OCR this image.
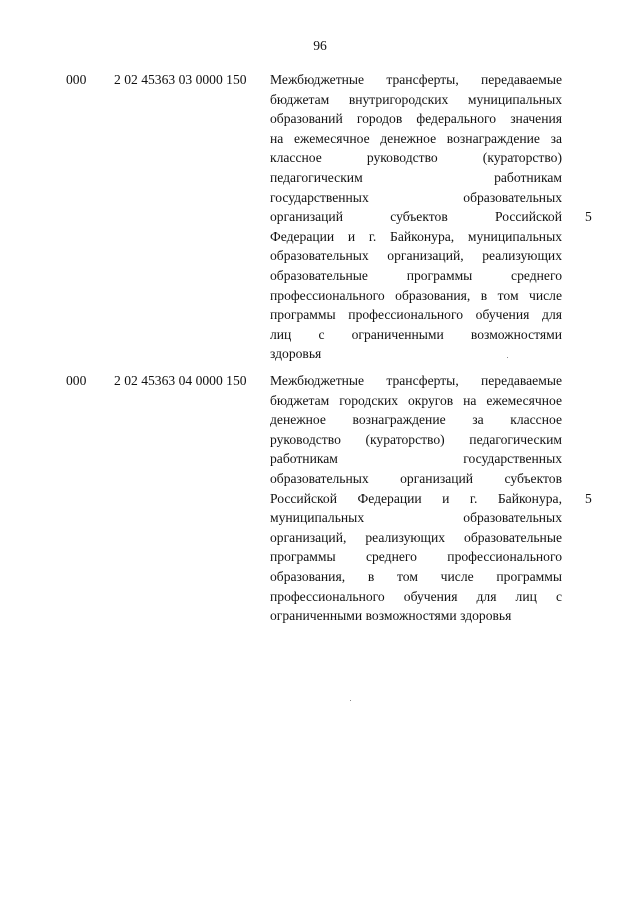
96
000 2 02 45363 03 0000 150 Межбюджетные трансферты, передаваемые
бюджетам внутригородских муниципальных
образований городов федерального значения
на ежемесячное денежное вознаграждение за
классное руководство (кураторство)
педагогическим работникам
государственных образовательных
организаций субъектов Российской
Федерации и г. Байконура, муниципальных
образовательных организаций, реализующих
образовательные программы среднего
профессионального образования, в том числе
программы профессионального обучения для
лиц с ограниченными возможностями
здоровья
5
000 2 02 45363 04 0000 150 Межбюджетные трансферты, передаваемые
бюджетам городских округов на ежемесячное
денежное вознаграждение за классное
руководство (кураторство) педагогическим
работникам государственных
образовательных организаций субъектов
Российской Федерации и г. Байконура,
муниципальных образовательных
организаций, реализующих образовательные
программы среднего профессионального
образования, в том числе программы
профессионального обучения для лиц с
ограниченными возможностями здоровья
5
